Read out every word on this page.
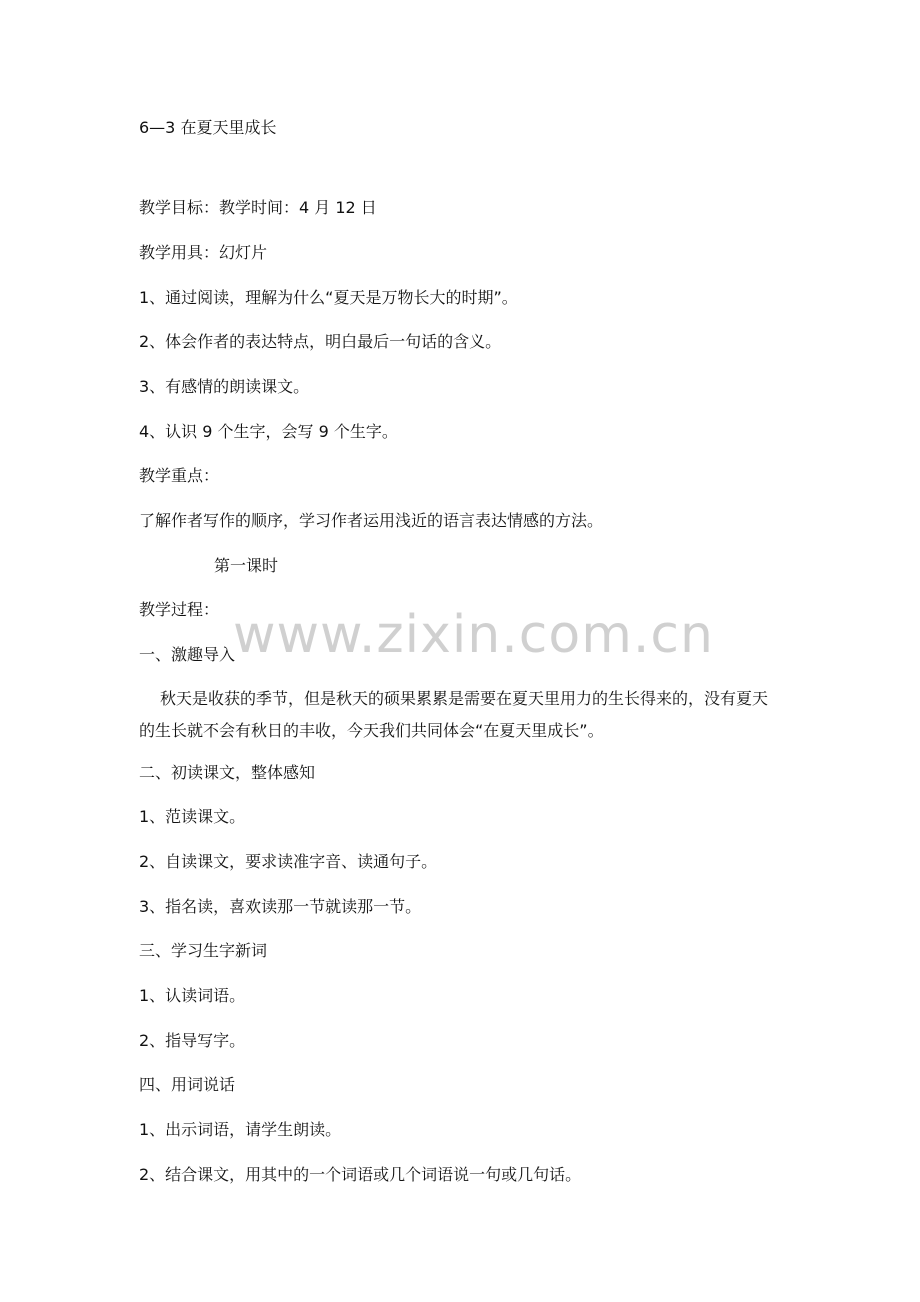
6—3 在夏天里成长
教学目标：教学时间：4 月 12 日
教学用具：幻灯片
1、通过阅读，理解为什么“夏天是万物长大的时期”。
2、体会作者的表达特点，明白最后一句话的含义。
3、有感情的朗读课文。
4、认识 9 个生字，会写 9 个生字。
教学重点：
了解作者写作的顺序，学习作者运用浅近的语言表达情感的方法。
第一课时
教学过程：
一、激趣导入
秋天是收获的季节，但是秋天的硕果累累是需要在夏天里用力的生长得来的，没有夏天的生长就不会有秋日的丰收，今天我们共同体会“在夏天里成长”。
二、初读课文，整体感知
1、范读课文。
2、自读课文，要求读准字音、读通句子。
3、指名读，喜欢读那一节就读那一节。
三、学习生字新词
1、认读词语。
2、指导写字。
四、用词说话
1、出示词语，请学生朗读。
2、结合课文，用其中的一个词语或几个词语说一句或几句话。
www.zixin.com.cn
